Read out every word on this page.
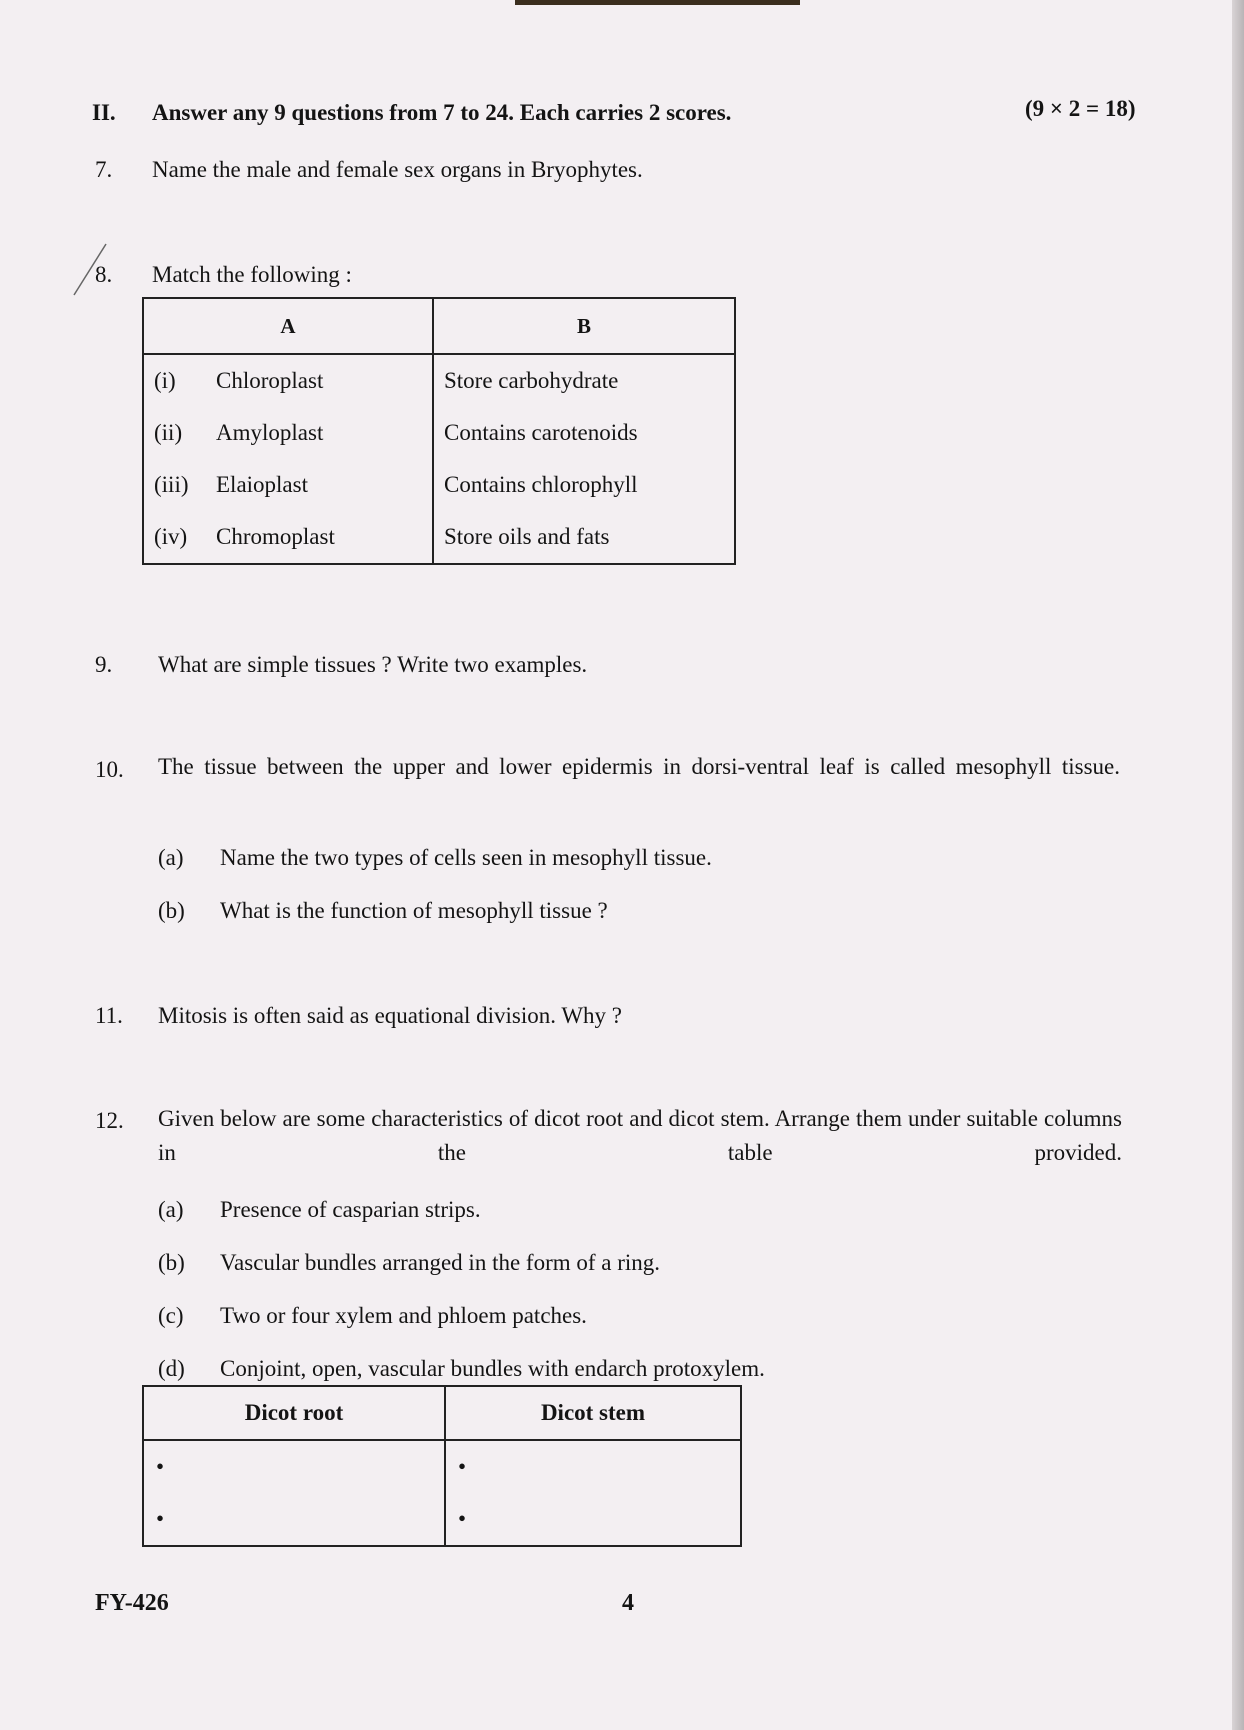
II. Answer any 9 questions from 7 to 24. Each carries 2 scores.	(9 × 2 = 18)
7. Name the male and female sex organs in Bryophytes.
8. Match the following :
A	B
(i) Chloroplast	Store carbohydrate
(ii) Amyloplast	Contains carotenoids
(iii) Elaioplast	Contains chlorophyll
(iv) Chromoplast	Store oils and fats
9. What are simple tissues ? Write two examples.
10. The tissue between the upper and lower epidermis in dorsi-ventral leaf is called mesophyll tissue.
(a) Name the two types of cells seen in mesophyll tissue.
(b) What is the function of mesophyll tissue ?
11. Mitosis is often said as equational division. Why ?
12. Given below are some characteristics of dicot root and dicot stem. Arrange them under suitable columns in the table provided.
(a) Presence of casparian strips.
(b) Vascular bundles arranged in the form of a ring.
(c) Two or four xylem and phloem patches.
(d) Conjoint, open, vascular bundles with endarch protoxylem.
Dicot root	Dicot stem
•	•
•	•
FY-426	4
